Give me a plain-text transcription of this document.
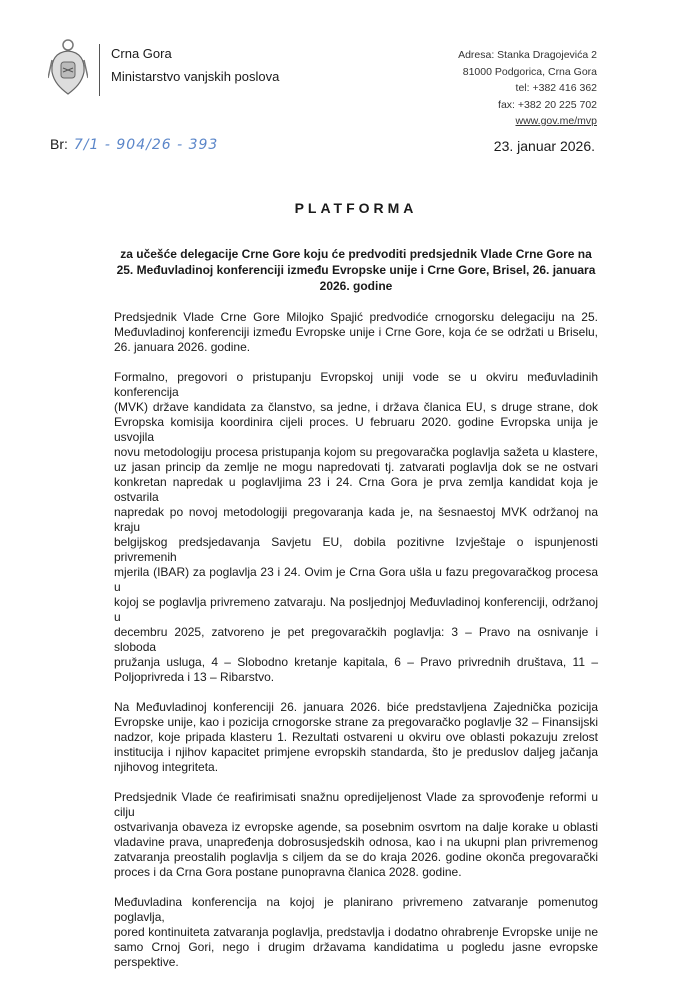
Crna Gora
Ministarstvo vanjskih poslova
Adresa: Stanka Dragojevića 2
81000 Podgorica, Crna Gora
tel: +382 416 362
fax: +382 20 225 702
www.gov.me/mvp
Br: 7/1 - 904/26 - 393	23. januar 2026.
PLATFORMA
za učešće delegacije Crne Gore koju će predvoditi predsjednik Vlade Crne Gore na
25. Međuvladinoj konferenciji između Evropske unije i Crne Gore, Brisel, 26. januara
2026. godine
Predsjednik Vlade Crne Gore Milojko Spajić predvodiće crnogorsku delegaciju na 25.
Međuvladinoj konferenciji između Evropske unije i Crne Gore, koja će se održati u Briselu,
26. januara 2026. godine.
Formalno, pregovori o pristupanju Evropskoj uniji vode se u okviru međuvladinih konferencija
(MVK) države kandidata za članstvo, sa jedne, i država članica EU, s druge strane, dok
Evropska komisija koordinira cijeli proces. U februaru 2020. godine Evropska unija je usvojila
novu metodologiju procesa pristupanja kojom su pregovaračka poglavlja sažeta u klastere,
uz jasan princip da zemlje ne mogu napredovati tj. zatvarati poglavlja dok se ne ostvari
konkretan napredak u poglavljima 23 i 24. Crna Gora je prva zemlja kandidat koja je ostvarila
napredak po novoj metodologiji pregovaranja kada je, na šesnaestoj MVK održanoj na kraju
belgijskog predsjedavanja Savjetu EU, dobila pozitivne Izvještaje o ispunjenosti privremenih
mjerila (IBAR) za poglavlja 23 i 24. Ovim je Crna Gora ušla u fazu pregovaračkog procesa u
kojoj se poglavlja privremeno zatvaraju. Na posljednjoj Međuvladinoj konferenciji, održanoj u
decembru 2025, zatvoreno je pet pregovaračkih poglavlja: 3 – Pravo na osnivanje i sloboda
pružanja usluga, 4 – Slobodno kretanje kapitala, 6 – Pravo privrednih društava, 11 –
Poljoprivreda i 13 – Ribarstvo.
Na Međuvladinoj konferenciji 26. januara 2026. biće predstavljena Zajednička pozicija
Evropske unije, kao i pozicija crnogorske strane za pregovaračko poglavlje 32 – Finansijski
nadzor, koje pripada klasteru 1. Rezultati ostvareni u okviru ove oblasti pokazuju zrelost
institucija i njihov kapacitet primjene evropskih standarda, što je preduslov daljeg jačanja
njihovog integriteta.
Predsjednik Vlade će reafirimisati snažnu opredijeljenost Vlade za sprovođenje reformi u cilju
ostvarivanja obaveza iz evropske agende, sa posebnim osvrtom na dalje korake u oblasti
vladavine prava, unapređenja dobrosusjedskih odnosa, kao i na ukupni plan privremenog
zatvaranja preostalih poglavlja s ciljem da se do kraja 2026. godine okonča pregovarački
proces i da Crna Gora postane punopravna članica 2028. godine.
Međuvladina konferencija na kojoj je planirano privremeno zatvaranje pomenutog poglavlja,
pored kontinuiteta zatvaranja poglavlja, predstavlja i dodatno ohrabrenje Evropske unije ne
samo Crnoj Gori, nego i drugim državama kandidatima u pogledu jasne evropske
perspektive.
